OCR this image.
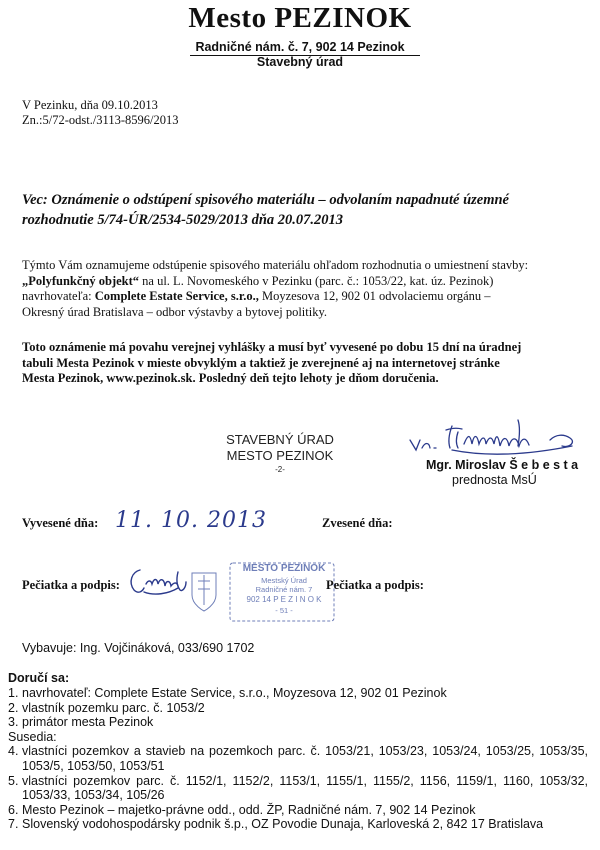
Mesto PEZINOK
Radničné nám. č. 7, 902 14 Pezinok
Stavebný úrad
V Pezinku, dňa 09.10.2013
Zn.:5/72-odst./3113-8596/2013
Vec: Oznámenie o odstúpení spisového materiálu – odvolaním napadnuté územné
rozhodnutie 5/74-ÚR/2534-5029/2013 dňa 20.07.2013
Týmto Vám oznamujeme odstúpenie spisového materiálu ohľadom rozhodnutia o umiestnení stavby:
„Polyfunkčný objekt“ na ul. L. Novomeského v Pezinku (parc. č.: 1053/22, kat. úz. Pezinok)
navrhovateľa: Complete Estate Service, s.r.o., Moyzesova 12, 902 01 odvolaciemu orgánu –
Okresný úrad Bratislava – odbor výstavby a bytovej politiky.
Toto oznámenie má povahu verejnej vyhlášky a musí byť vyvesené po dobu 15 dní na úradnej
tabuli Mesta Pezinok v mieste obvyklým a taktiež je zverejnené aj na internetovej stránke
Mesta Pezinok, www.pezinok.sk. Posledný deň tejto lehoty je dňom doručenia.
STAVEBNÝ ÚRAD
MESTO PEZINOK
-2-	Mgr. Miroslav Š e b e s t a
prednosta MsÚ
Vyvesené dňa: 11. 10. 2013	Zvesené dňa:
Pečiatka a podpis:
MESTO PEZINOK
Mestský Úrad
Radničné nám. 7
902 14 P E Z I N O K
- 51 -
Pečiatka a podpis:
Vybavuje: Ing. Vojčináková, 033/690 1702
Doručí sa:
1. navrhovateľ: Complete Estate Service, s.r.o., Moyzesova 12, 902 01 Pezinok
2. vlastník pozemku parc. č. 1053/2
3. primátor mesta Pezinok
Susedia:
4. vlastníci pozemkov a stavieb na pozemkoch parc. č. 1053/21, 1053/23, 1053/24, 1053/25, 1053/35, 1053/5, 1053/50, 1053/51
5. vlastníci pozemkov parc. č. 1152/1, 1152/2, 1153/1, 1155/1, 1155/2, 1156, 1159/1, 1160, 1053/32, 1053/33, 1053/34, 105/26
6. Mesto Pezinok – majetko-právne odd., odd. ŽP, Radničné nám. 7, 902 14 Pezinok
7. Slovenský vodohospodársky podnik š.p., OZ Povodie Dunaja, Karloveská 2, 842 17 Bratislava
